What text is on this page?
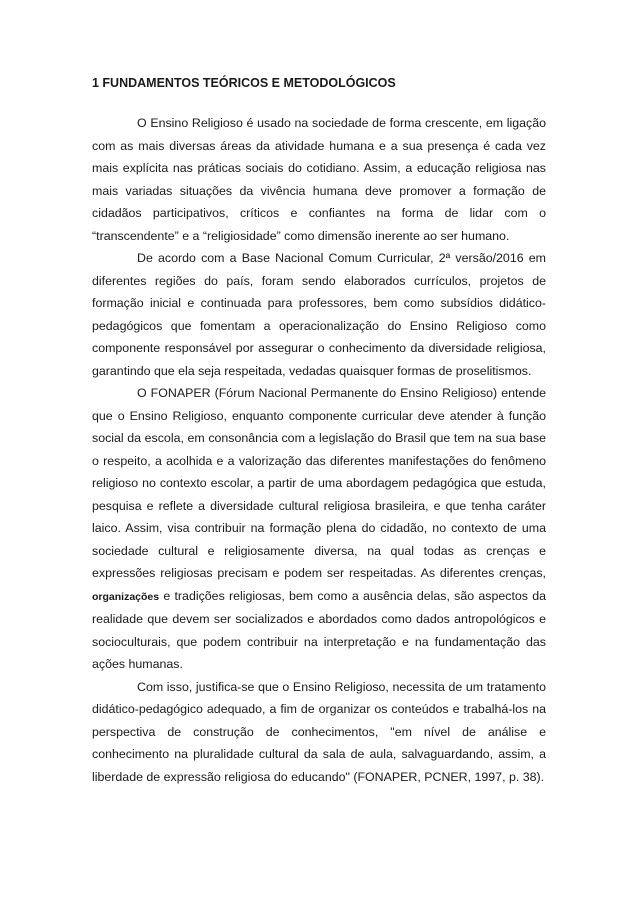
1 FUNDAMENTOS TEÓRICOS E METODOLÓGICOS

O Ensino Religioso é usado na sociedade de forma crescente, em ligação com as mais diversas áreas da atividade humana e a sua presença é cada vez mais explícita nas práticas sociais do cotidiano. Assim, a educação religiosa nas mais variadas situações da vivência humana deve promover a formação de cidadãos participativos, críticos e confiantes na forma de lidar com o “transcendente” e a “religiosidade” como dimensão inerente ao ser humano.

De acordo com a Base Nacional Comum Curricular, 2ª versão/2016 em diferentes regiões do país, foram sendo elaborados currículos, projetos de formação inicial e continuada para professores, bem como subsídios didático-pedagógicos que fomentam a operacionalização do Ensino Religioso como componente responsável por assegurar o conhecimento da diversidade religiosa, garantindo que ela seja respeitada, vedadas quaisquer formas de proselitismos.

O FONAPER (Fórum Nacional Permanente do Ensino Religioso) entende que o Ensino Religioso, enquanto componente curricular deve atender à função social da escola, em consonância com a legislação do Brasil que tem na sua base o respeito, a acolhida e a valorização das diferentes manifestações do fenômeno religioso no contexto escolar, a partir de uma abordagem pedagógica que estuda, pesquisa e reflete a diversidade cultural religiosa brasileira, e que tenha caráter laico. Assim, visa contribuir na formação plena do cidadão, no contexto de uma sociedade cultural e religiosamente diversa, na qual todas as crenças e expressões religiosas precisam e podem ser respeitadas. As diferentes crenças, organizações e tradições religiosas, bem como a ausência delas, são aspectos da realidade que devem ser socializados e abordados como dados antropológicos e socioculturais, que podem contribuir na interpretação e na fundamentação das ações humanas.

Com isso, justifica-se que o Ensino Religioso, necessita de um tratamento didático-pedagógico adequado, a fim de organizar os conteúdos e trabalhá-los na perspectiva de construção de conhecimentos, "em nível de análise e conhecimento na pluralidade cultural da sala de aula, salvaguardando, assim, a liberdade de expressão religiosa do educando" (FONAPER, PCNER, 1997, p. 38).
